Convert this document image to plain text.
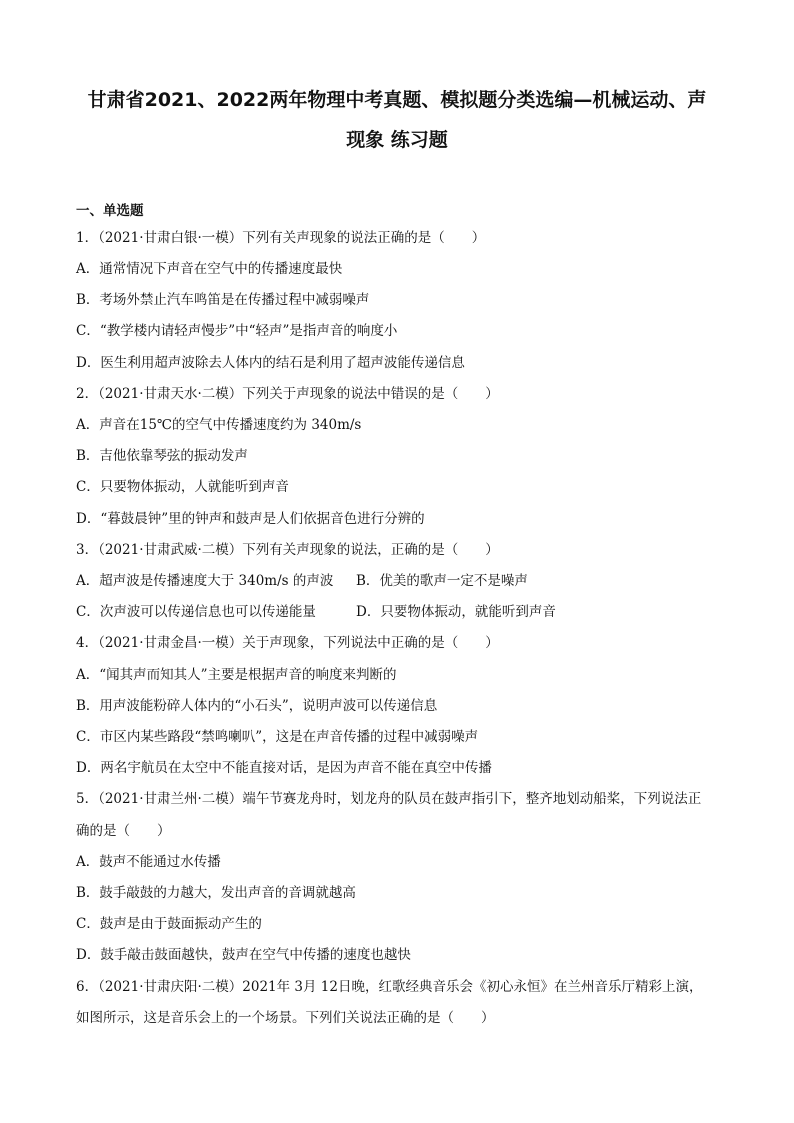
甘肃省2021、2022两年物理中考真题、模拟题分类选编—机械运动、声
现象 练习题
一、单选题

1．（2021·甘肃白银·一模）下列有关声现象的说法正确的是（　　）

A．通常情况下声音在空气中的传播速度最快

B．考场外禁止汽车鸣笛是在传播过程中减弱噪声

C．“教学楼内请轻声慢步”中“轻声”是指声音的响度小

D．医生利用超声波除去人体内的结石是利用了超声波能传递信息

2．（2021·甘肃天水·二模）下列关于声现象的说法中错误的是（　　）

A．声音在15℃的空气中传播速度约为 340m/s

B．吉他依靠琴弦的振动发声

C．只要物体振动，人就能听到声音

D．“暮鼓晨钟”里的钟声和鼓声是人们依据音色进行分辨的

3．（2021·甘肃武威·二模）下列有关声现象的说法，正确的是（　　）

A．超声波是传播速度大于 340m/s 的声波 B．优美的歌声一定不是噪声

C．次声波可以传递信息也可以传递能量	D．只要物体振动，就能听到声音

4．（2021·甘肃金昌·一模）关于声现象，下列说法中正确的是（　　）

A．“闻其声而知其人”主要是根据声音的响度来判断的

B．用声波能粉碎人体内的“小石头”，说明声波可以传递信息

C．市区内某些路段“禁鸣喇叭”，这是在声音传播的过程中减弱噪声

D．两名宇航员在太空中不能直接对话，是因为声音不能在真空中传播

5．（2021·甘肃兰州·二模）端午节赛龙舟时，划龙舟的队员在鼓声指引下，整齐地划动船桨，下列说法正

确的是（　　）

A．鼓声不能通过水传播

B．鼓手敲鼓的力越大，发出声音的音调就越高

C．鼓声是由于鼓面振动产生的

D．鼓手敲击鼓面越快，鼓声在空气中传播的速度也越快

6．（2021·甘肃庆阳·二模）2021年 3月 12日晚，红歌经典音乐会《初心永恒》在兰州音乐厅精彩上演，

如图所示，这是音乐会上的一个场景。下列们关说法正确的是（　　）
